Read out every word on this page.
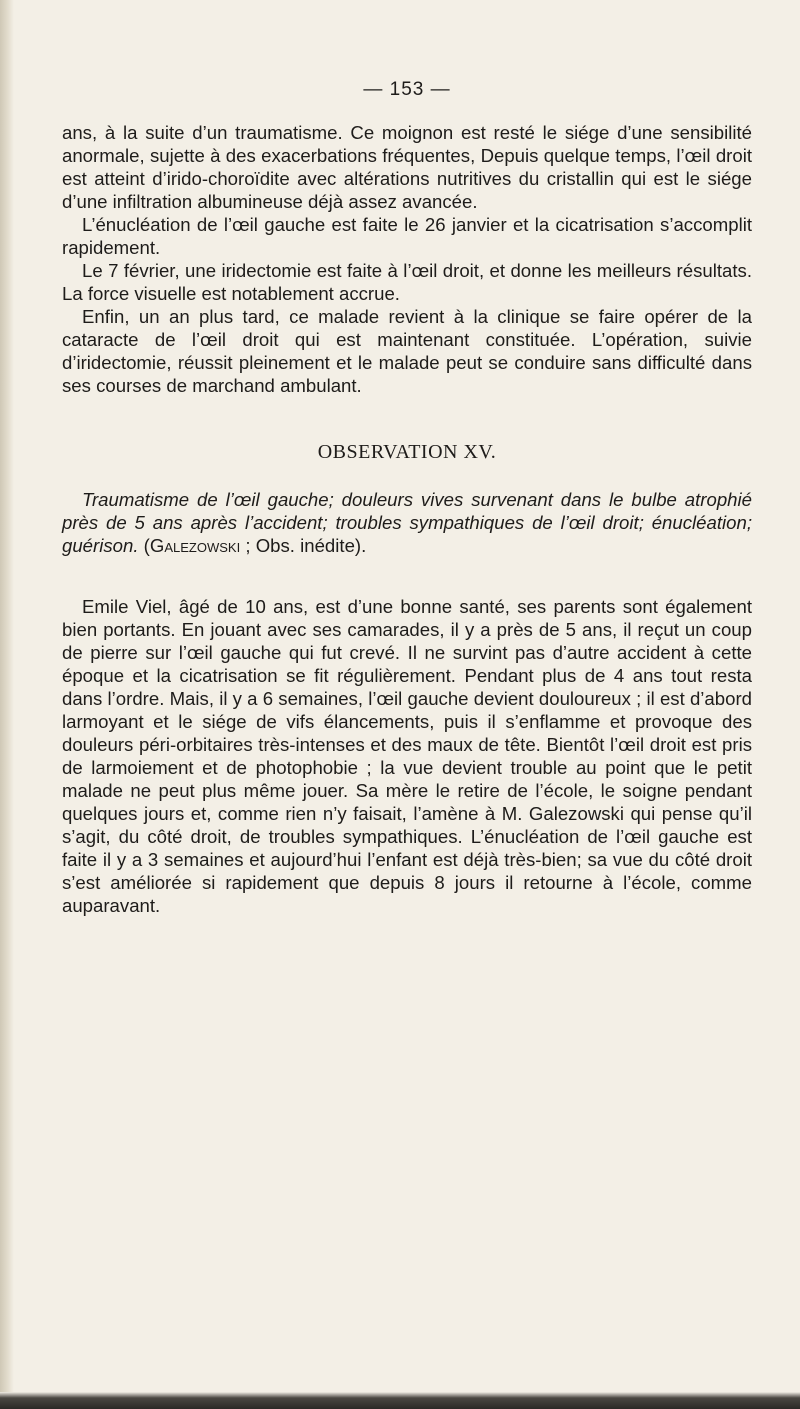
— 153 —

ans, à la suite d’un traumatisme. Ce moignon est resté le siége d’une sensibilité anormale, sujette à des exacerbations fréquentes, Depuis quelque temps, l’œil droit est atteint d’irido-choroïdite avec altérations nutritives du cristallin qui est le siége d’une infiltration albumineuse déjà assez avancée.

L’énucléation de l’œil gauche est faite le 26 janvier et la cicatrisation s’accomplit rapidement.

Le 7 février, une iridectomie est faite à l’œil droit, et donne les meilleurs résultats. La force visuelle est notablement accrue.

Enfin, un an plus tard, ce malade revient à la clinique se faire opérer de la cataracte de l’œil droit qui est maintenant constituée. L’opération, suivie d’iridectomie, réussit pleinement et le malade peut se conduire sans difficulté dans ses courses de marchand ambulant.

OBSERVATION XV.

Traumatisme de l’œil gauche; douleurs vives survenant dans le bulbe atrophié près de 5 ans après l’accident; troubles sympathiques de l’œil droit; énucléation; guérison. (Galezowski ; Obs. inédite).

Emile Viel, âgé de 10 ans, est d’une bonne santé, ses parents sont également bien portants. En jouant avec ses camarades, il y a près de 5 ans, il reçut un coup de pierre sur l’œil gauche qui fut crevé. Il ne survint pas d’autre accident à cette époque et la cicatrisation se fit régulièrement. Pendant plus de 4 ans tout resta dans l’ordre. Mais, il y a 6 semaines, l’œil gauche devient douloureux ; il est d’abord larmoyant et le siége de vifs élancements, puis il s’enflamme et provoque des douleurs péri-orbitaires très-intenses et des maux de tête. Bientôt l’œil droit est pris de larmoiement et de photophobie ; la vue devient trouble au point que le petit malade ne peut plus même jouer. Sa mère le retire de l’école, le soigne pendant quelques jours et, comme rien n’y faisait, l’amène à M. Galezowski qui pense qu’il s’agit, du côté droit, de troubles sympathiques. L’énucléation de l’œil gauche est faite il y a 3 semaines et aujourd’hui l’enfant est déjà très-bien; sa vue du côté droit s’est améliorée si rapidement que depuis 8 jours il retourne à l’école, comme auparavant.
